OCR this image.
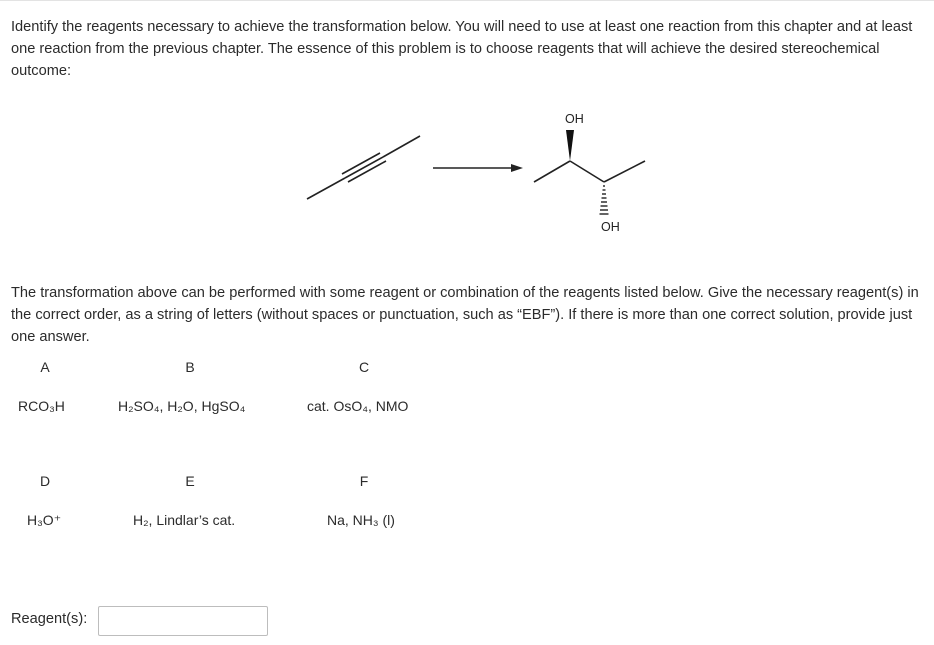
Identify the reagents necessary to achieve the transformation below. You will need to use at least one reaction from this chapter and at least one reaction from the previous chapter. The essence of this problem is to choose reagents that will achieve the desired stereochemical outcome:

OH
OH

The transformation above can be performed with some reagent or combination of the reagents listed below. Give the necessary reagent(s) in the correct order, as a string of letters (without spaces or punctuation, such as “EBF”). If there is more than one correct solution, provide just one answer.

A	B	C
RCO₃H	H₂SO₄, H₂O, HgSO₄	cat. OsO₄, NMO
D	E	F
H₃O⁺	H₂, Lindlar’s cat.	Na, NH₃ (l)
Reagent(s):
